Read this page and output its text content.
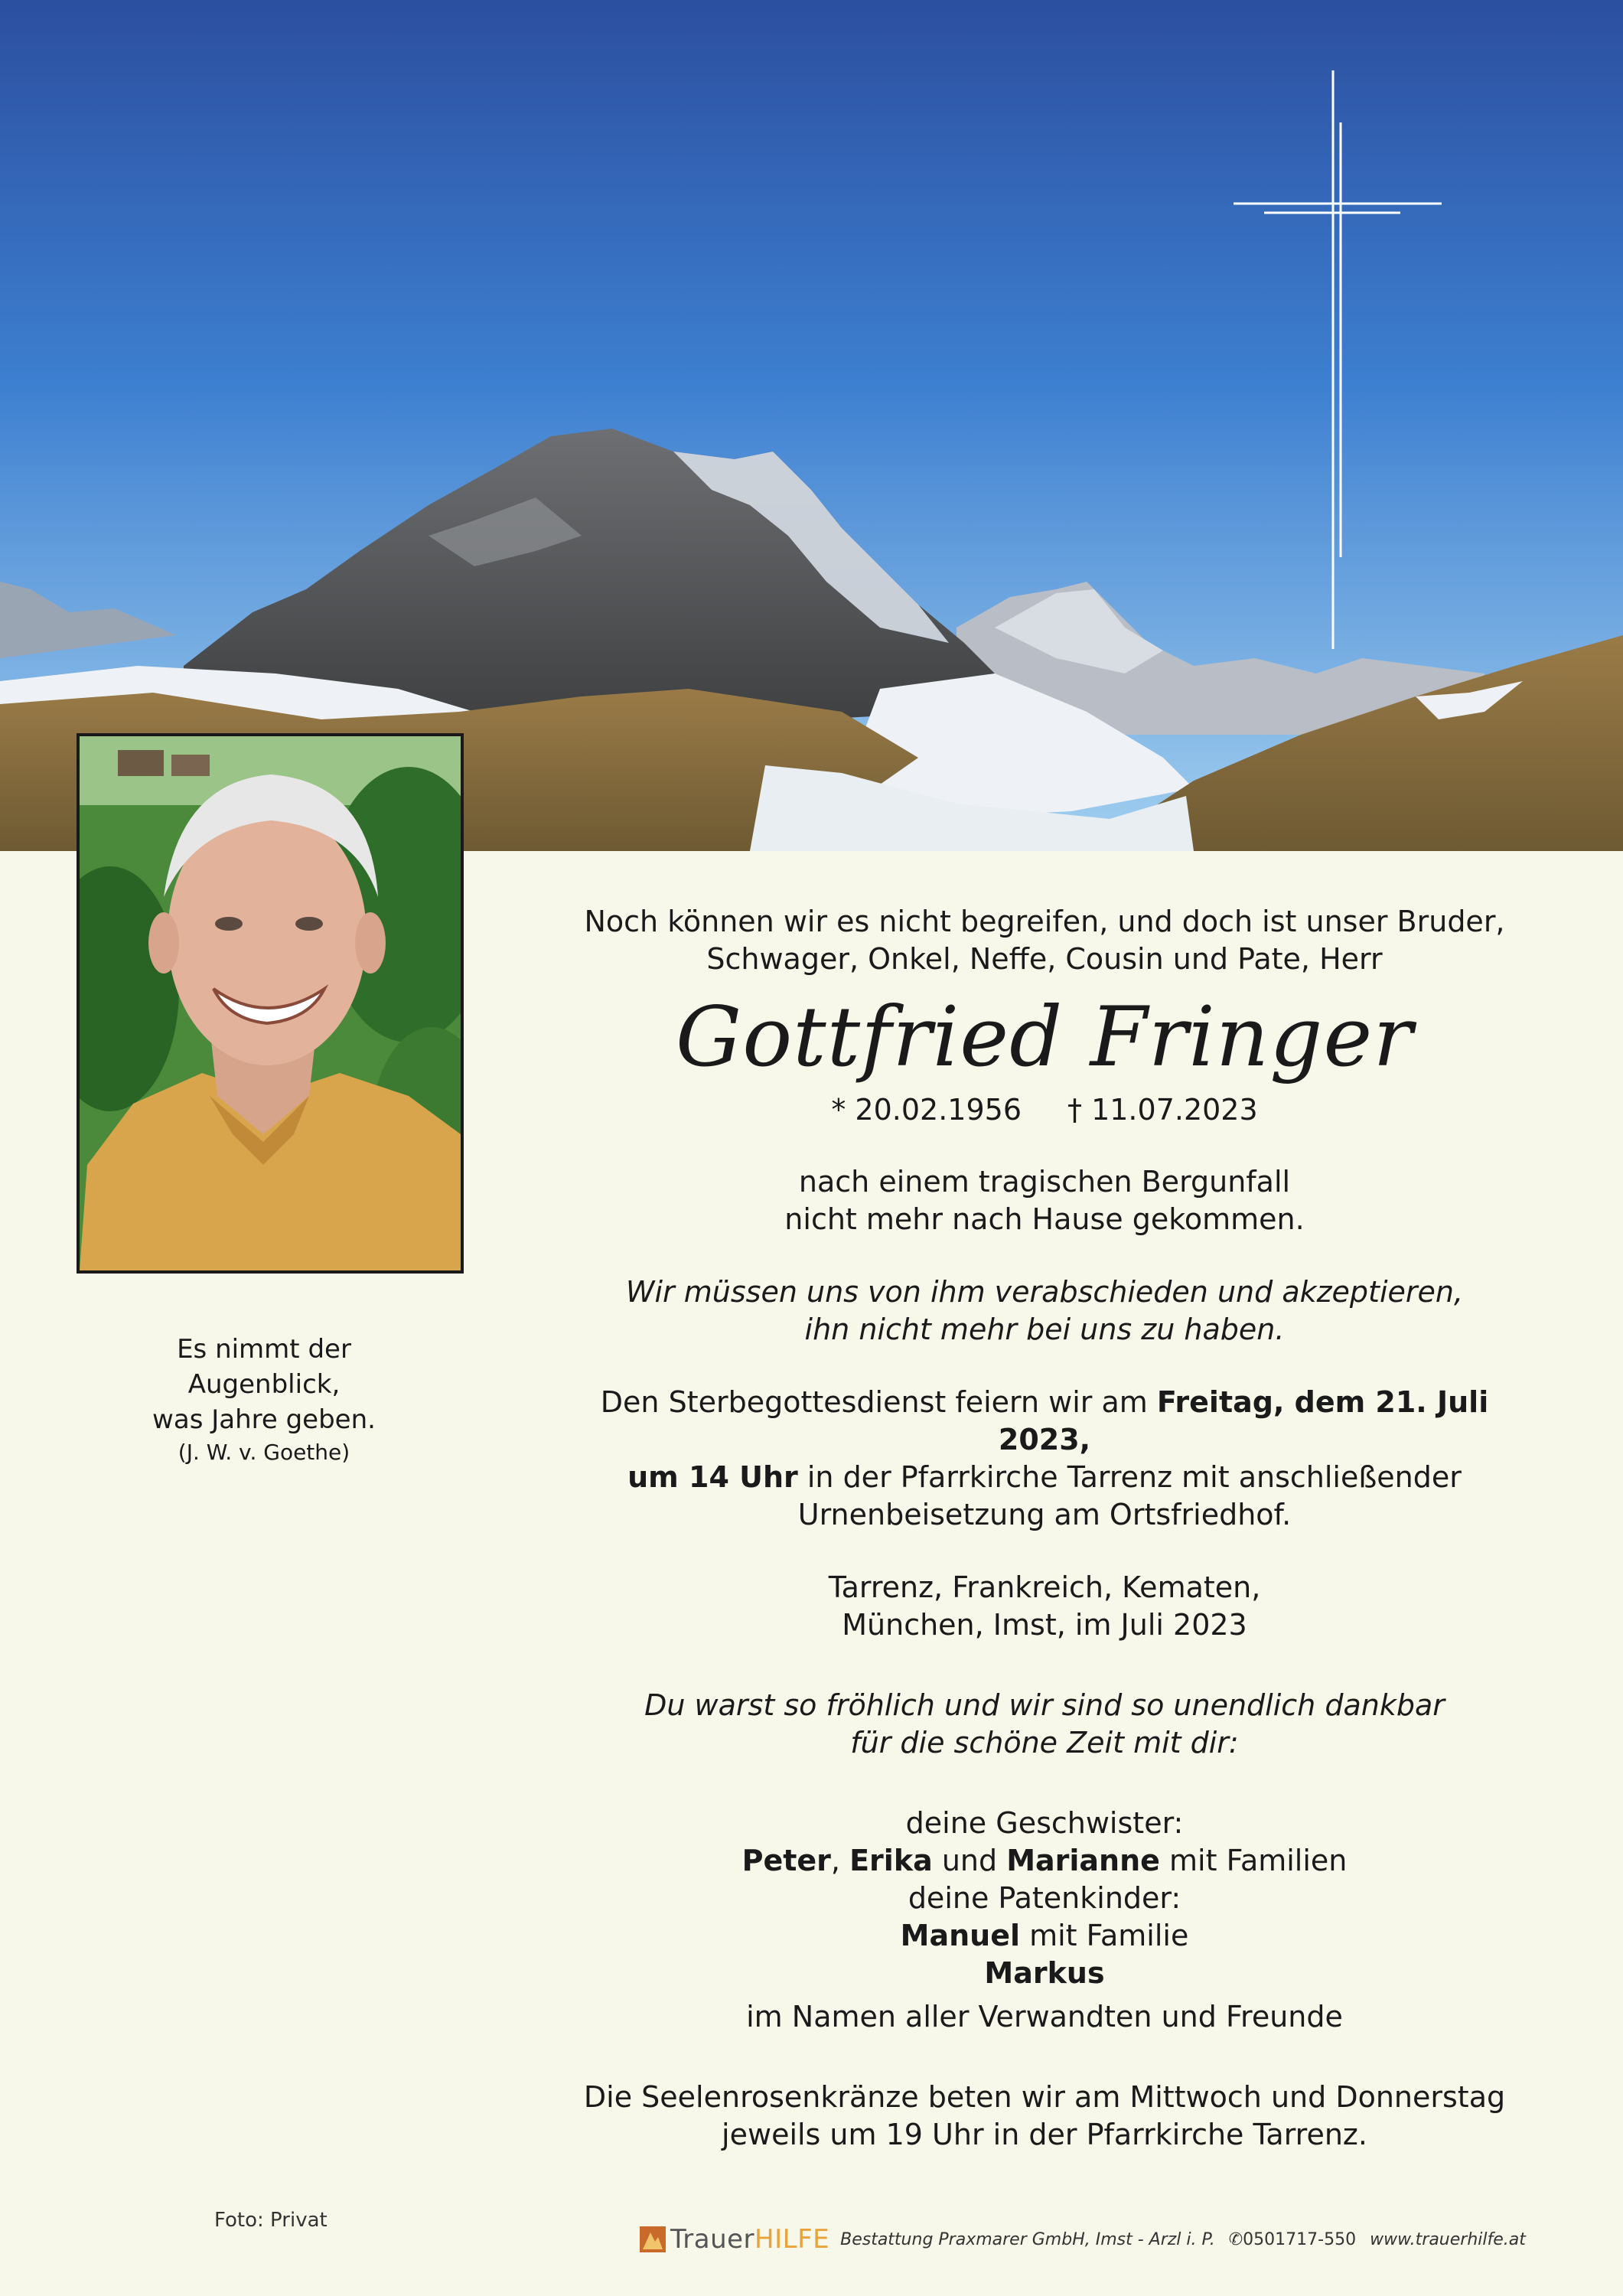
Es nimmt der
Augenblick,
was Jahre geben.
(J. W. v. Goethe)

Noch können wir es nicht begreifen, und doch ist unser Bruder,

Schwager, Onkel, Neffe, Cousin und Pate, Herr

Gottfried Fringer

* 20.02.1956 † 11.07.2023

nach einem tragischen Bergunfall

nicht mehr nach Hause gekommen.

Wir müssen uns von ihm verabschieden und akzeptieren,

ihn nicht mehr bei uns zu haben.

Den Sterbegottesdienst feiern wir am Freitag, dem 21. Juli 2023,

um 14 Uhr in der Pfarrkirche Tarrenz mit anschließender

Urnenbeisetzung am Ortsfriedhof.

Tarrenz, Frankreich, Kematen,

München, Imst, im Juli 2023

Du warst so fröhlich und wir sind so unendlich dankbar

für die schöne Zeit mit dir:

deine Geschwister:

Peter, Erika und Marianne mit Familien

deine Patenkinder:

Manuel mit Familie

Markus

im Namen aller Verwandten und Freunde

Die Seelenrosenkränze beten wir am Mittwoch und Donnerstag

jeweils um 19 Uhr in der Pfarrkirche Tarrenz.

Foto: Privat
Trauer HILFE Bestattung Praxmarer GmbH, Imst - Arzl i. P. ✆ 0501717-550 www.trauerhilfe.at
